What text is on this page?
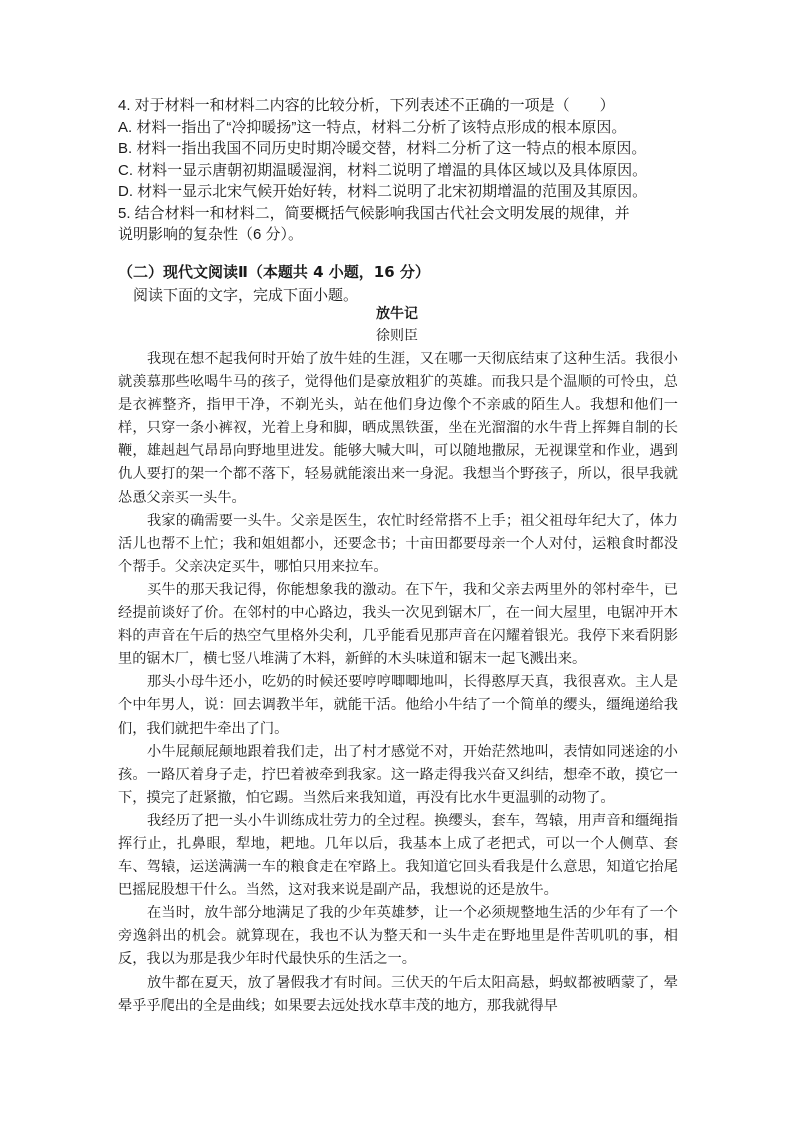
4. 对于材料一和材料二内容的比较分析，下列表述不正确的一项是（　　）
A. 材料一指出了“冷抑暖扬”这一特点，材料二分析了该特点形成的根本原因。
B. 材料一指出我国不同历史时期冷暖交替，材料二分析了这一特点的根本原因。
C. 材料一显示唐朝初期温暖湿润，材料二说明了增温的具体区域以及具体原因。
D. 材料一显示北宋气候开始好转，材料二说明了北宋初期增温的范围及其原因。
5. 结合材料一和材料二，简要概括气候影响我国古代社会文明发展的规律，并
说明影响的复杂性（6 分）。
（二）现代文阅读Ⅱ（本题共 4 小题，16 分）
阅读下面的文字，完成下面小题。
放牛记
徐则臣

我现在想不起我何时开始了放牛娃的生涯，又在哪一天彻底结束了这种生活。我很小就羡慕那些吆喝牛马的孩子，觉得他们是豪放粗犷的英雄。而我只是个温顺的可怜虫，总是衣裤整齐，指甲干净，不剃光头，站在他们身边像个不亲戚的陌生人。我想和他们一样，只穿一条小裤衩，光着上身和脚，晒成黑铁蛋，坐在光溜溜的水牛背上挥舞自制的长鞭，雄赳赳气昂昂向野地里进发。能够大喊大叫，可以随地撒尿，无视课堂和作业，遇到仇人要打的架一个都不落下，轻易就能滚出来一身泥。我想当个野孩子，所以，很早我就怂恿父亲买一头牛。

我家的确需要一头牛。父亲是医生，农忙时经常搭不上手；祖父祖母年纪大了，体力活儿也帮不上忙；我和姐姐都小，还要念书；十亩田都要母亲一个人对付，运粮食时都没个帮手。父亲决定买牛，哪怕只用来拉车。

买牛的那天我记得，你能想象我的激动。在下午，我和父亲去两里外的邻村牵牛，已经提前谈好了价。在邻村的中心路边，我头一次见到锯木厂，在一间大屋里，电锯冲开木料的声音在午后的热空气里格外尖利，几乎能看见那声音在闪耀着银光。我停下来看阴影里的锯木厂，横七竖八堆满了木料，新鲜的木头味道和锯末一起飞溅出来。

那头小母牛还小，吃奶的时候还要哼哼唧唧地叫，长得憨厚天真，我很喜欢。主人是个中年男人，说：回去调教半年，就能干活。他给小牛结了一个简单的缨头，缰绳递给我们，我们就把牛牵出了门。

小牛屁颠屁颠地跟着我们走，出了村才感觉不对，开始茫然地叫，表情如同迷途的小孩。一路仄着身子走，拧巴着被牵到我家。这一路走得我兴奋又纠结，想牵不敢，摸它一下，摸完了赶紧撤，怕它踢。当然后来我知道，再没有比水牛更温驯的动物了。

我经历了把一头小牛训练成壮劳力的全过程。换缨头，套车，驾辕，用声音和缰绳指挥行止，扎鼻眼，犁地，耙地。几年以后，我基本上成了老把式，可以一个人侧草、套车、驾辕，运送满满一车的粮食走在窄路上。我知道它回头看我是什么意思，知道它抬尾巴摇屁股想干什么。当然，这对我来说是副产品，我想说的还是放牛。

在当时，放牛部分地满足了我的少年英雄梦，让一个必须规整地生活的少年有了一个旁逸斜出的机会。就算现在，我也不认为整天和一头牛走在野地里是件苦叽叽的事，相反，我以为那是我少年时代最快乐的生活之一。

放牛都在夏天，放了暑假我才有时间。三伏天的午后太阳高悬，蚂蚁都被晒蒙了，晕晕乎乎爬出的全是曲线；如果要去远处找水草丰茂的地方，那我就得早
